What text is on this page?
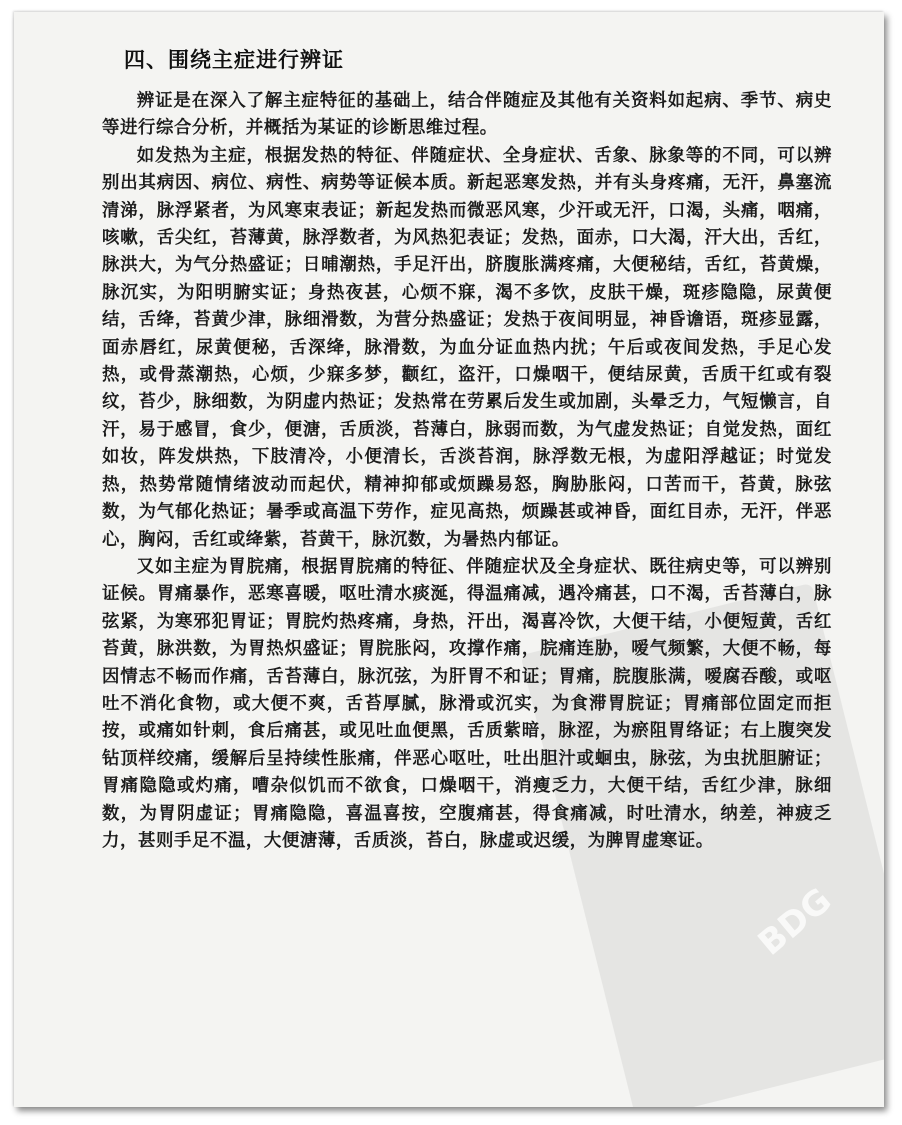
BDG
四、围绕主症进行辨证

辨证是在深入了解主症特征的基础上，结合伴随症及其他有关资料如起病、季节、病史等进行综合分析，并概括为某证的诊断思维过程。

如发热为主症，根据发热的特征、伴随症状、全身症状、舌象、脉象等的不同，可以辨别出其病因、病位、病性、病势等证候本质。新起恶寒发热，并有头身疼痛，无汗，鼻塞流清涕，脉浮紧者，为风寒束表证；新起发热而微恶风寒，少汗或无汗，口渴，头痛，咽痛，咳嗽，舌尖红，苔薄黄，脉浮数者，为风热犯表证；发热，面赤，口大渴，汗大出，舌红，脉洪大，为气分热盛证；日晡潮热，手足汗出，脐腹胀满疼痛，大便秘结，舌红，苔黄燥，脉沉实，为阳明腑实证；身热夜甚，心烦不寐，渴不多饮，皮肤干燥，斑疹隐隐，尿黄便结，舌绛，苔黄少津，脉细滑数，为营分热盛证；发热于夜间明显，神昏谵语，斑疹显露，面赤唇红，尿黄便秘，舌深绛，脉滑数，为血分证血热内扰；午后或夜间发热，手足心发热，或骨蒸潮热，心烦，少寐多梦，颧红，盗汗，口燥咽干，便结尿黄，舌质干红或有裂纹，苔少，脉细数，为阴虚内热证；发热常在劳累后发生或加剧，头晕乏力，气短懒言，自汗，易于感冒，食少，便溏，舌质淡，苔薄白，脉弱而数，为气虚发热证；自觉发热，面红如妆，阵发烘热，下肢清冷，小便清长，舌淡苔润，脉浮数无根，为虚阳浮越证；时觉发热，热势常随情绪波动而起伏，精神抑郁或烦躁易怒，胸胁胀闷，口苦而干，苔黄，脉弦数，为气郁化热证；暑季或高温下劳作，症见高热，烦躁甚或神昏，面红目赤，无汗，伴恶心，胸闷，舌红或绛紫，苔黄干，脉沉数，为暑热内郁证。

又如主症为胃脘痛，根据胃脘痛的特征、伴随症状及全身症状、既往病史等，可以辨别证候。胃痛暴作，恶寒喜暖，呕吐清水痰涎，得温痛减，遇冷痛甚，口不渴，舌苔薄白，脉弦紧，为寒邪犯胃证；胃脘灼热疼痛，身热，汗出，渴喜冷饮，大便干结，小便短黄，舌红苔黄，脉洪数，为胃热炽盛证；胃脘胀闷，攻撑作痛，脘痛连胁，嗳气频繁，大便不畅，每因情志不畅而作痛，舌苔薄白，脉沉弦，为肝胃不和证；胃痛，脘腹胀满，嗳腐吞酸，或呕吐不消化食物，或大便不爽，舌苔厚腻，脉滑或沉实，为食滞胃脘证；胃痛部位固定而拒按，或痛如针刺，食后痛甚，或见吐血便黑，舌质紫暗，脉涩，为瘀阻胃络证；右上腹突发钻顶样绞痛，缓解后呈持续性胀痛，伴恶心呕吐，吐出胆汁或蛔虫，脉弦，为虫扰胆腑证；胃痛隐隐或灼痛，嘈杂似饥而不欲食，口燥咽干，消瘦乏力，大便干结，舌红少津，脉细数，为胃阴虚证；胃痛隐隐，喜温喜按，空腹痛甚，得食痛减，时吐清水，纳差，神疲乏力，甚则手足不温，大便溏薄，舌质淡，苔白，脉虚或迟缓，为脾胃虚寒证。
